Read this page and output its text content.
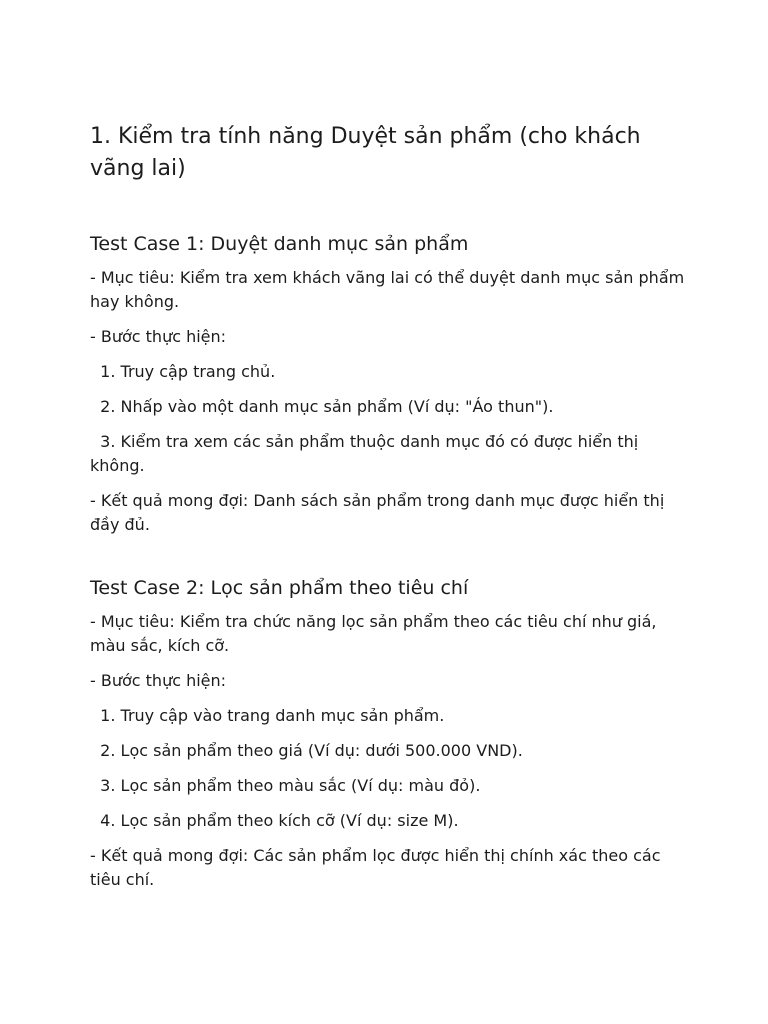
1. Kiểm tra tính năng Duyệt sản phẩm (cho khách vãng lai)
Test Case 1: Duyệt danh mục sản phẩm

- Mục tiêu: Kiểm tra xem khách vãng lai có thể duyệt danh mục sản phẩm hay không.

- Bước thực hiện:

1. Truy cập trang chủ.

2. Nhấp vào một danh mục sản phẩm (Ví dụ: "Áo thun").

3. Kiểm tra xem các sản phẩm thuộc danh mục đó có được hiển thị không.

- Kết quả mong đợi: Danh sách sản phẩm trong danh mục được hiển thị đầy đủ.

Test Case 2: Lọc sản phẩm theo tiêu chí

- Mục tiêu: Kiểm tra chức năng lọc sản phẩm theo các tiêu chí như giá, màu sắc, kích cỡ.

- Bước thực hiện:

1. Truy cập vào trang danh mục sản phẩm.

2. Lọc sản phẩm theo giá (Ví dụ: dưới 500.000 VND).

3. Lọc sản phẩm theo màu sắc (Ví dụ: màu đỏ).

4. Lọc sản phẩm theo kích cỡ (Ví dụ: size M).

- Kết quả mong đợi: Các sản phẩm lọc được hiển thị chính xác theo các tiêu chí.
